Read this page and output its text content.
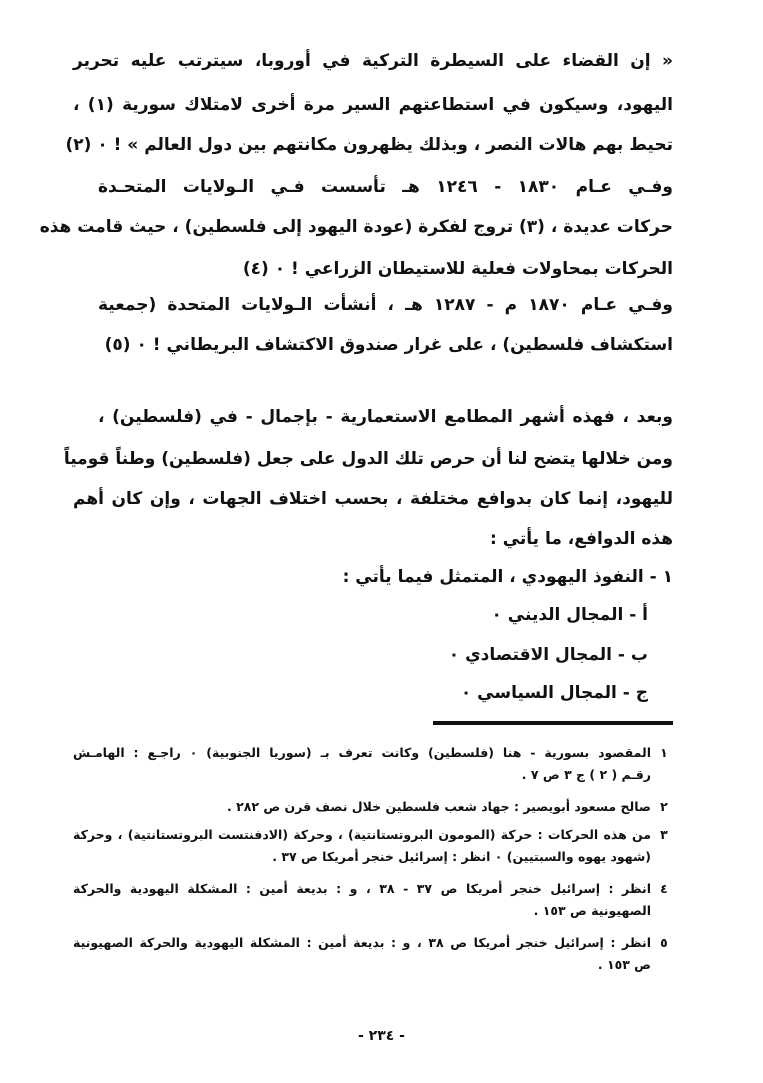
« إن القضاء على السيطرة التركية في أوروبا، سيترتب عليه تحرير
اليهود، وسيكون في استطاعتهم السير مرة أخرى لامتلاك سورية (١) ،
تحيط بهم هالات النصر ، وبذلك يظهرون مكانتهم بين دول العالم » ! ٠ (٢)
وفـي عـام ١٨٣٠ - ١٢٤٦ هـ تأسست فـي الـولايات المتحـدة
حركات عديدة ، (٣) تروج لفكرة (عودة اليهود إلى فلسطين) ، حيث قامت هذه
الحركات بمحاولات فعلية للاستيطان الزراعي ! ٠ (٤)
وفـي عـام ١٨٧٠ م - ١٢٨٧ هـ ، أنشأت الـولايات المتحدة (جمعية
استكشاف فلسطين) ، على غرار صندوق الاكتشاف البريطاني ! ٠ (٥)
وبعد ، فهذه أشهر المطامع الاستعمارية - بإجمال - في (فلسطين) ،
ومن خلالها يتضح لنا أن حرص تلك الدول على جعل (فلسطين) وطناً قومياً
لليهود، إنما كان بدوافع مختلفة ، بحسب اختلاف الجهات ، وإن كان أهم
هذه الدوافع، ما يأتي :
١ - النفوذ اليهودي ، المتمثل فيما يأتي :
أ - المجال الديني ٠
ب - المجال الاقتصادي ٠
ج - المجال السياسي ٠
١
المقصود بسورية - هنا (فلسطين) وكانت تعرف بـ (سوريا الجنوبية) ٠ راجـع : الهامـش
رقـم ( ٢ ) ج ٣ ص ٧ .
٢
صالح مسعود أبويصير : جهاد شعب فلسطين خلال نصف قرن ص ٢٨٢ .
٣
من هذه الحركات : حركة (المومون البروتستانتية) ، وحركة (الادفنتست البروتستانتية) ، وحركة
(شهود يهوه والسبتيين) ٠ انظر : إسرائيل خنجر أمريكا ص ٣٧ .
٤
انظر : إسرائيل خنجر أمريكا ص ٣٧ - ٣٨ ، و : بديعة أمين : المشكلة اليهودية والحركة
الصهيونية ص ١٥٣ .
٥
انظر : إسرائيل خنجر أمريكا ص ٣٨ ، و : بديعة أمين : المشكلة اليهودية والحركة الصهيونية
ص ١٥٣ .
- ٢٣٤ -
